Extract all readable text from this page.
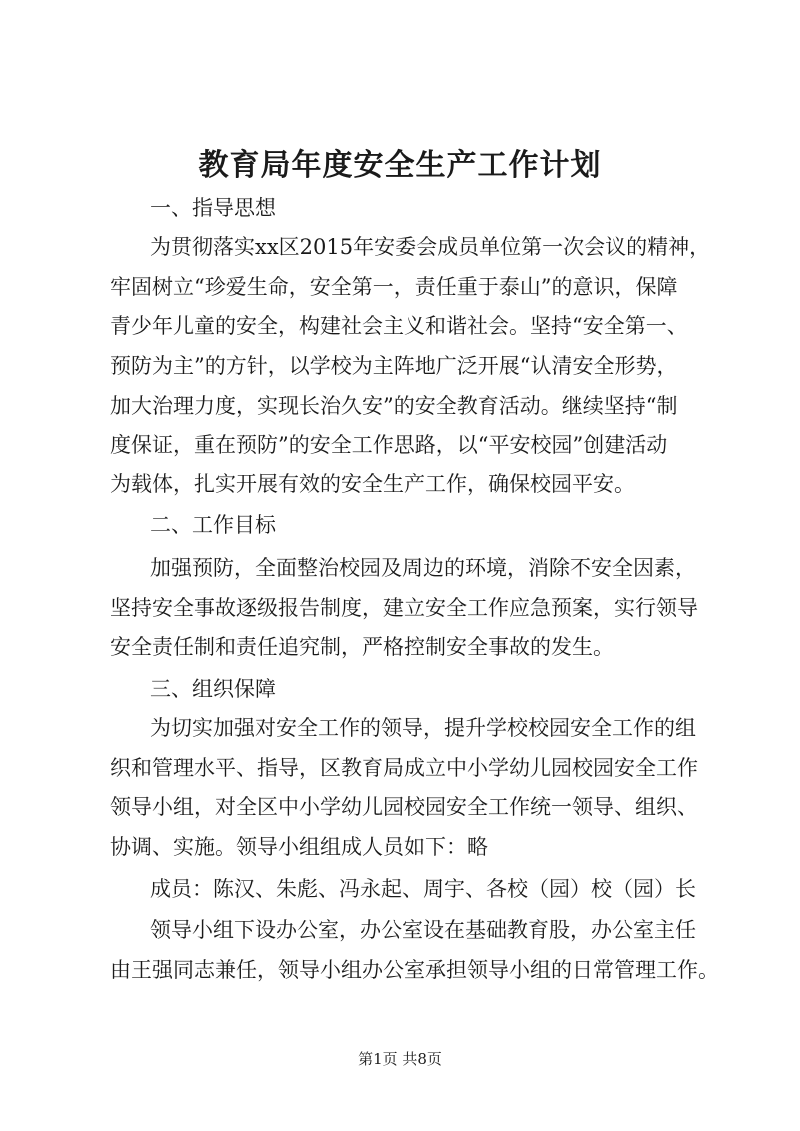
教育局年度安全生产工作计划
一、指导思想
为贯彻落实xx区2015年安委会成员单位第一次会议的精神，
牢固树立“珍爱生命，安全第一，责任重于泰山”的意识，保障
青少年儿童的安全，构建社会主义和谐社会。坚持“安全第一、
预防为主”的方针，以学校为主阵地广泛开展“认清安全形势，
加大治理力度，实现长治久安”的安全教育活动。继续坚持“制
度保证，重在预防”的安全工作思路，以“平安校园”创建活动
为载体，扎实开展有效的安全生产工作，确保校园平安。
二、工作目标
加强预防，全面整治校园及周边的环境，消除不安全因素，
坚持安全事故逐级报告制度，建立安全工作应急预案，实行领导
安全责任制和责任追究制，严格控制安全事故的发生。
三、组织保障
为切实加强对安全工作的领导，提升学校校园安全工作的组
织和管理水平、指导，区教育局成立中小学幼儿园校园安全工作
领导小组，对全区中小学幼儿园校园安全工作统一领导、组织、
协调、实施。领导小组组成人员如下：略
成员：陈汉、朱彪、冯永起、周宇、各校（园）校（园）长
领导小组下设办公室，办公室设在基础教育股，办公室主任
由王强同志兼任，领导小组办公室承担领导小组的日常管理工作。
第1页 共8页
